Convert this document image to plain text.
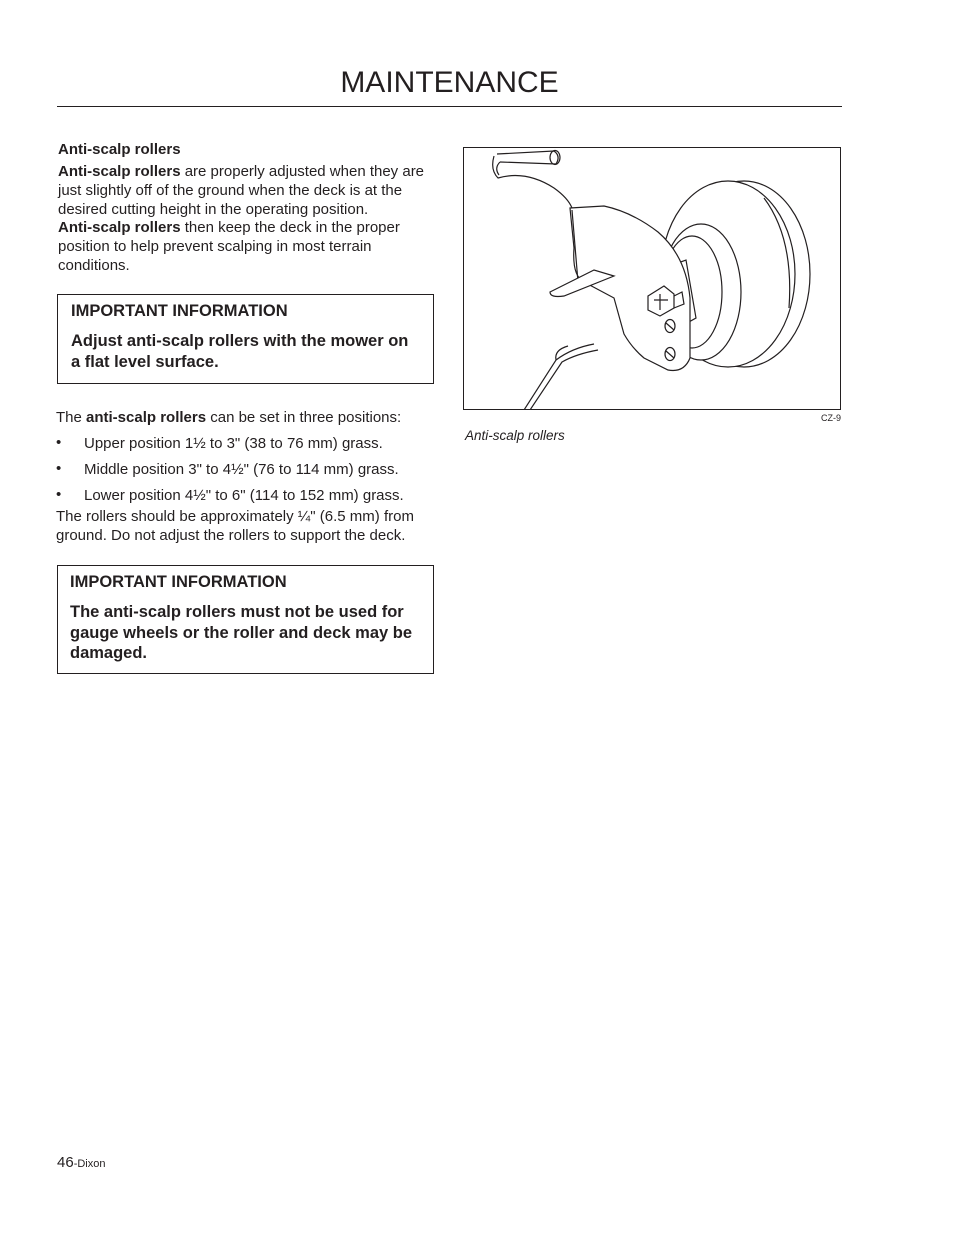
MAINTENANCE
Anti-scalp rollers
Anti-scalp rollers are properly adjusted when they are just slightly off of the ground when the deck is at the desired cutting height in the operating position.
Anti-scalp rollers then keep the deck in the proper position to help prevent scalping in most terrain conditions.
IMPORTANT INFORMATION
Adjust anti-scalp rollers with the mower on a flat level surface.
The anti-scalp rollers can be set in three positions:
• Upper position 1½ to 3" (38 to 76 mm) grass.
• Middle position 3" to 4½" (76 to 114 mm) grass.
• Lower position 4½" to 6" (114 to 152 mm) grass.
The rollers should be approximately ¼" (6.5 mm) from ground. Do not adjust the rollers to support the deck.
IMPORTANT INFORMATION
The anti-scalp rollers must not be used for gauge wheels or the roller and deck may be damaged.
CZ-9
Anti-scalp rollers
46-Dixon
